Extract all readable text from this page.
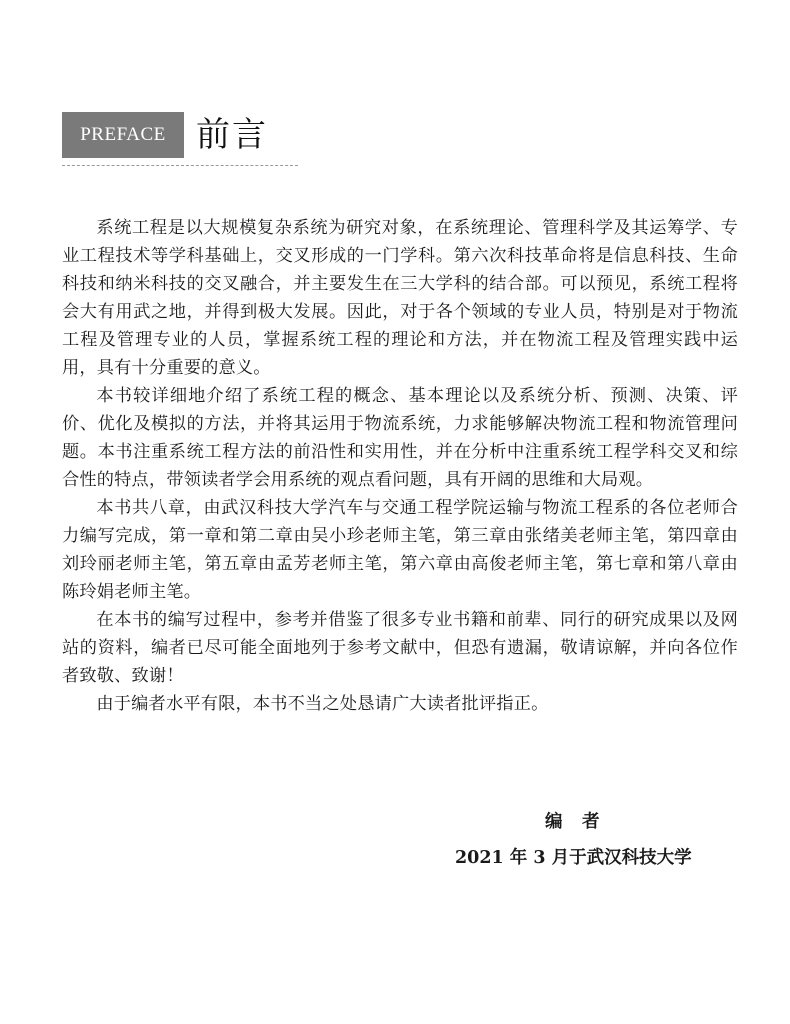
PREFACE 前言

系统工程是以大规模复杂系统为研究对象，在系统理论、管理科学及其运筹学、专业工程技术等学科基础上，交叉形成的一门学科。第六次科技革命将是信息科技、生命科技和纳米科技的交叉融合，并主要发生在三大学科的结合部。可以预见，系统工程将会大有用武之地，并得到极大发展。因此，对于各个领域的专业人员，特别是对于物流工程及管理专业的人员，掌握系统工程的理论和方法，并在物流工程及管理实践中运用，具有十分重要的意义。

本书较详细地介绍了系统工程的概念、基本理论以及系统分析、预测、决策、评价、优化及模拟的方法，并将其运用于物流系统，力求能够解决物流工程和物流管理问题。本书注重系统工程方法的前沿性和实用性，并在分析中注重系统工程学科交叉和综合性的特点，带领读者学会用系统的观点看问题，具有开阔的思维和大局观。

本书共八章，由武汉科技大学汽车与交通工程学院运输与物流工程系的各位老师合力编写完成，第一章和第二章由吴小珍老师主笔，第三章由张绪美老师主笔，第四章由刘玲丽老师主笔，第五章由孟芳老师主笔，第六章由高俊老师主笔，第七章和第八章由陈玲娟老师主笔。

在本书的编写过程中，参考并借鉴了很多专业书籍和前辈、同行的研究成果以及网站的资料，编者已尽可能全面地列于参考文献中，但恐有遗漏，敬请谅解，并向各位作者致敬、致谢！

由于编者水平有限，本书不当之处恳请广大读者批评指正。

编　者
2021 年 3 月于武汉科技大学
